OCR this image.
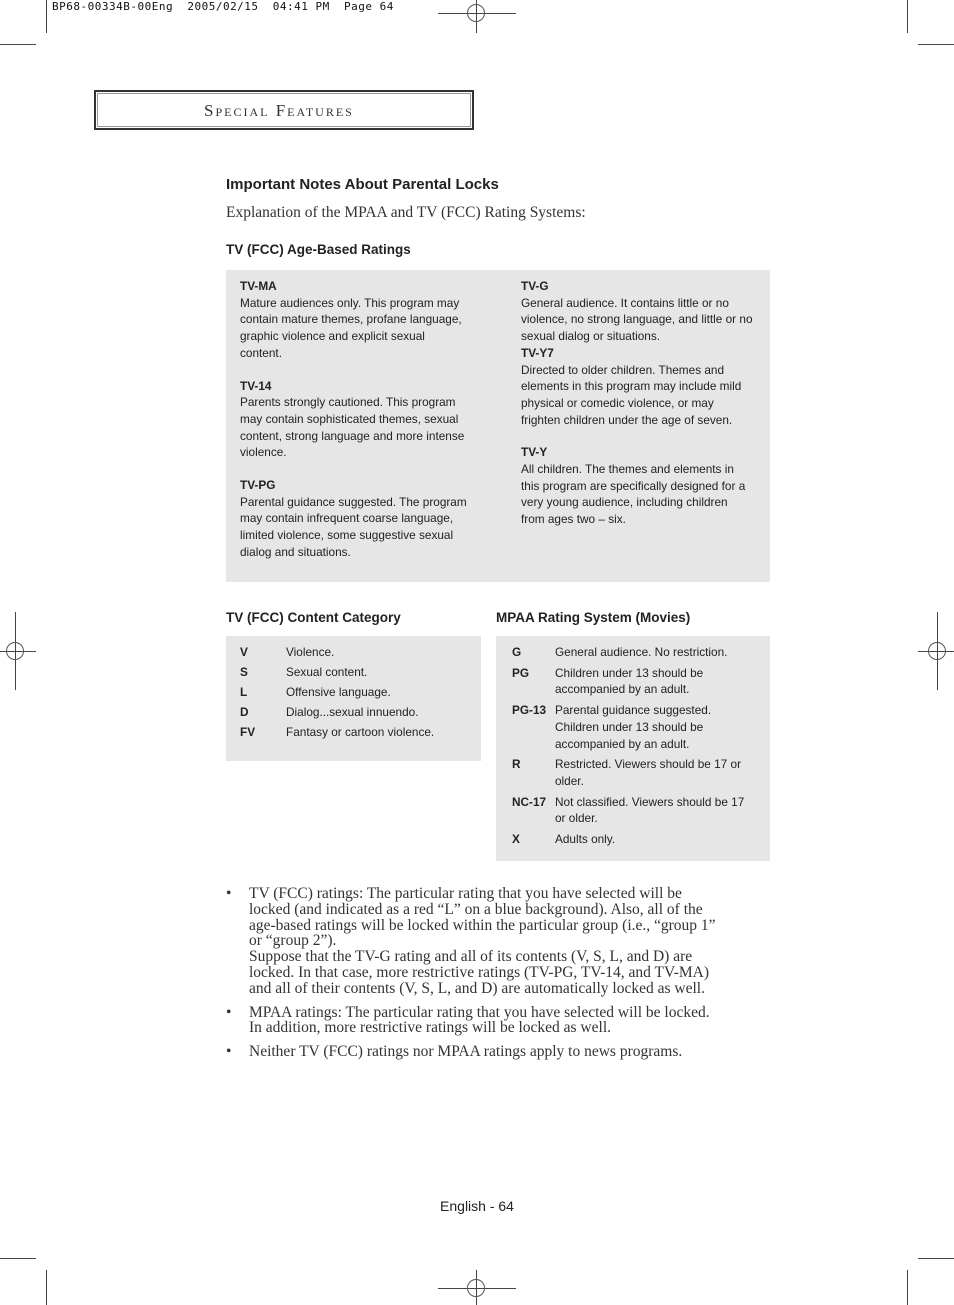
BP68-00334B-00Eng  2005/02/15  04:41 PM  Page 64
Special Features
Important Notes About Parental Locks
Explanation of the MPAA and TV (FCC) Rating Systems:
TV (FCC) Age-Based Ratings
TV-MA
Mature audiences only. This program may
contain mature themes, profane language,
graphic violence and explicit sexual
content.
TV-14
Parents strongly cautioned. This program
may contain sophisticated themes, sexual
content, strong language and more intense
violence.
TV-PG
Parental guidance suggested. The program
may contain infrequent coarse language,
limited violence, some suggestive sexual
dialog and situations.
TV-G
General audience. It contains little or no
violence, no strong language, and little or no
sexual dialog or situations.
TV-Y7
Directed to older children. Themes and
elements in this program may include mild
physical or comedic violence, or may
frighten children under the age of seven.
TV-Y
All children. The themes and elements in
this program are specifically designed for a
very young audience, including children
from ages two – six.
TV (FCC) Content Category
V	Violence.
S	Sexual content.
L	Offensive language.
D	Dialog...sexual innuendo.
FV	Fantasy or cartoon violence.
MPAA Rating System (Movies)
G	General audience. No restriction.

PG	Children under 13 should be
accompanied by an adult.

PG-13	Parental guidance suggested.
Children under 13 should be
accompanied by an adult.

R	Restricted. Viewers should be 17 or
older.

NC-17	Not classified. Viewers should be 17
or older.

X	Adults only.
• TV (FCC) ratings: The particular rating that you have selected will be
locked (and indicated as a red “L” on a blue background). Also, all of the
age-based ratings will be locked within the particular group (i.e., “group 1”
or “group 2”).
Suppose that the TV-G rating and all of its contents (V, S, L, and D) are
locked. In that case, more restrictive ratings (TV-PG, TV-14, and TV-MA)
and all of their contents (V, S, L, and D) are automatically locked as well.
• MPAA ratings: The particular rating that you have selected will be locked.
In addition, more restrictive ratings will be locked as well.
• Neither TV (FCC) ratings nor MPAA ratings apply to news programs.
English - 64
